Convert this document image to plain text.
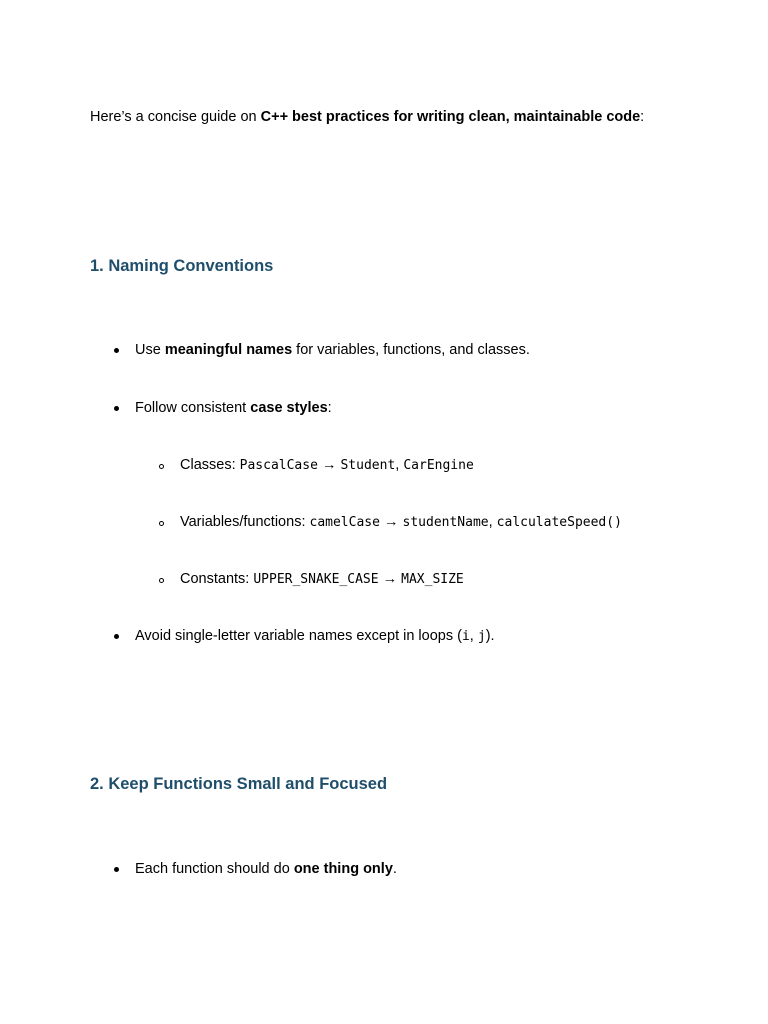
Here’s a concise guide on C++ best practices for writing clean, maintainable code:
1. Naming Conventions
Use meaningful names for variables, functions, and classes.
Follow consistent case styles:
Classes: PascalCase → Student, CarEngine
Variables/functions: camelCase → studentName, calculateSpeed()
Constants: UPPER_SNAKE_CASE → MAX_SIZE
Avoid single-letter variable names except in loops (i, j).
2. Keep Functions Small and Focused
Each function should do one thing only.
